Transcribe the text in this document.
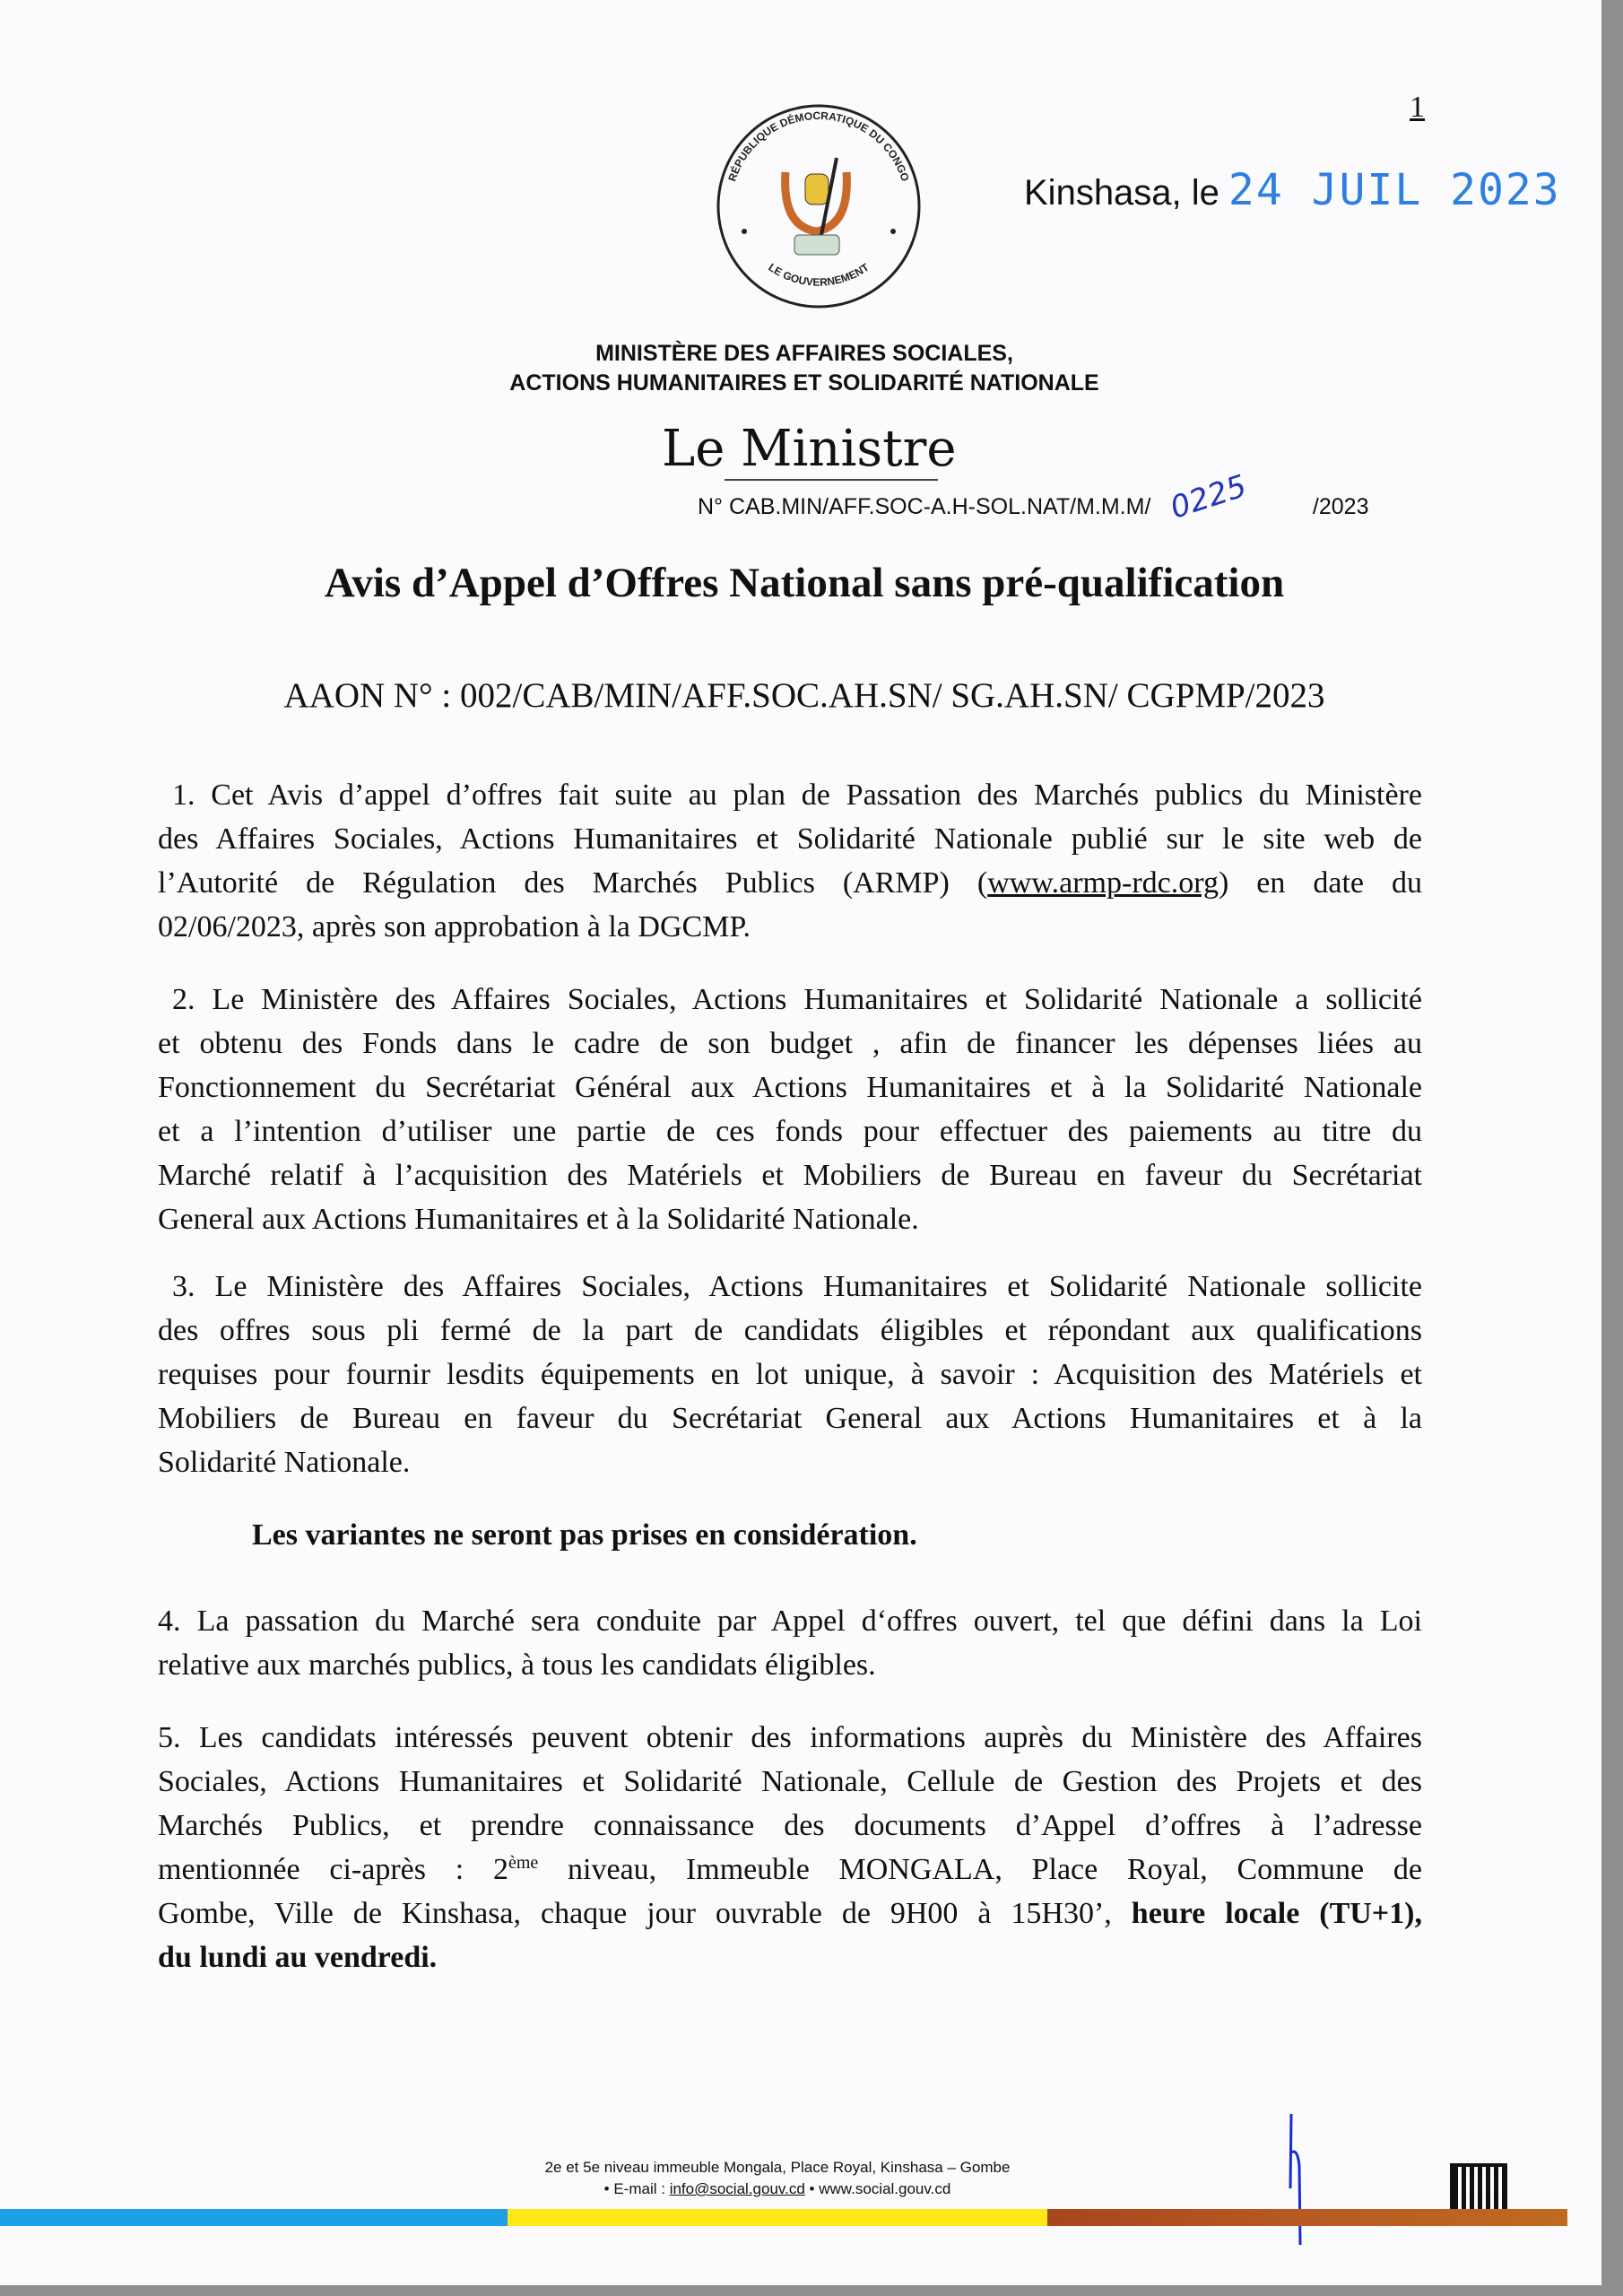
1
RÉPUBLIQUE DÉMOCRATIQUE DU CONGO
LE GOUVERNEMENT
Kinshasa, le 24 JUIL 2023
MINISTÈRE DES AFFAIRES SOCIALES,
ACTIONS HUMANITAIRES ET SOLIDARITÉ NATIONALE
Le Ministre
N° CAB.MIN/AFF.SOC-A.H-SOL.NAT/M.M.M/ 0225	/2023
Avis d’Appel d’Offres National sans pré-qualification
AAON N° : 002/CAB/MIN/AFF.SOC.AH.SN/ SG.AH.SN/ CGPMP/2023
1. Cet Avis d’appel d’offres fait suite au plan de Passation des Marchés publics du Ministère
des Affaires Sociales, Actions Humanitaires et Solidarité Nationale publié sur le site web de
l’Autorité de Régulation des Marchés Publics (ARMP) (www.armp-rdc.org) en date du
02/06/2023, après son approbation à la DGCMP.
2. Le Ministère des Affaires Sociales, Actions Humanitaires et Solidarité Nationale a sollicité
et obtenu des Fonds dans le cadre de son budget , afin de financer les dépenses liées au
Fonctionnement du Secrétariat Général aux Actions Humanitaires et à la Solidarité Nationale
et a l’intention d’utiliser une partie de ces fonds pour effectuer des paiements au titre du
Marché relatif à l’acquisition des Matériels et Mobiliers de Bureau en faveur du Secrétariat
General aux Actions Humanitaires et à la Solidarité Nationale.
3. Le Ministère des Affaires Sociales, Actions Humanitaires et Solidarité Nationale sollicite
des offres sous pli fermé de la part de candidats éligibles et répondant aux qualifications
requises pour fournir lesdits équipements en lot unique, à savoir : Acquisition des Matériels et
Mobiliers de Bureau en faveur du Secrétariat General aux Actions Humanitaires et à la
Solidarité Nationale.
Les variantes ne seront pas prises en considération.
4. La passation du Marché sera conduite par Appel d‘offres ouvert, tel que défini dans la Loi
relative aux marchés publics, à tous les candidats éligibles.
5. Les candidats intéressés peuvent obtenir des informations auprès du Ministère des Affaires
Sociales, Actions Humanitaires et Solidarité Nationale, Cellule de Gestion des Projets et des
Marchés Publics, et prendre connaissance des documents d’Appel d’offres à l’adresse
mentionnée ci-après : 2ème niveau, Immeuble MONGALA, Place Royal, Commune de
Gombe, Ville de Kinshasa, chaque jour ouvrable de 9H00 à 15H30’, heure locale (TU+1),
du lundi au vendredi.
2e et 5e niveau immeuble Mongala, Place Royal, Kinshasa – Gombe
• E-mail : info@social.gouv.cd • www.social.gouv.cd
